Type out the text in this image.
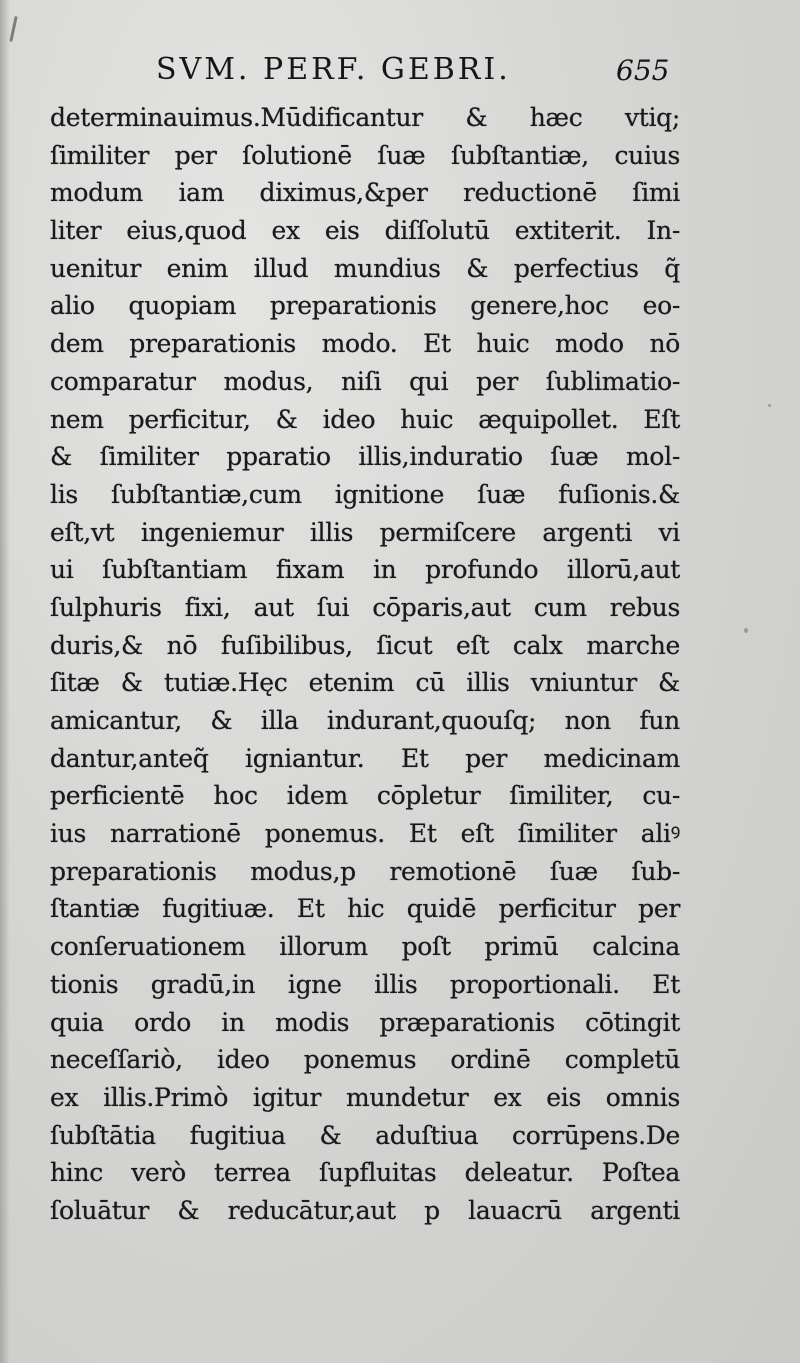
SVM. PERF. GEBRI.	655
determinauimus.Mūdificantur & hæc vtiq;
ſimiliter per ſolutionē ſuæ ſubſtantiæ, cuius
modum iam diximus,&per reductionē ſimi
liter eius,quod ex eis diſſolutū extiterit. In-
uenitur enim illud mundius & perfectius q̃
alio quopiam preparationis genere,hoc eo-
dem preparationis modo. Et huic modo nō
comparatur modus, niſi qui per ſublimatio-
nem perficitur, & ideo huic æquipollet. Eſt
& ſimiliter pparatio illis,induratio ſuæ mol-
lis ſubſtantiæ,cum ignitione ſuæ fuſionis.&
eſt,vt ingeniemur illis permiſcere argenti vi
ui ſubſtantiam fixam in profundo illorū,aut
ſulphuris fixi, aut ſui cōparis,aut cum rebus
duris,& nō fuſibilibus, ſicut eſt calx marche
ſitæ & tutiæ.Hęc etenim cū illis vniuntur &
amicantur, & illa indurant,quouſq; non fun
dantur,anteq̃ igniantur. Et per medicinam
perficientē hoc idem cōpletur ſimiliter, cu-
ius narrationē ponemus. Et eſt ſimiliter aliꝰ
preparationis modus,p remotionē ſuæ ſub-
ſtantiæ fugitiuæ. Et hic quidē perficitur per
conſeruationem illorum poſt primū calcina
tionis gradū,in igne illis proportionali. Et
quia ordo in modis præparationis cōtingit
neceſſariò, ideo ponemus ordinē completū
ex illis.Primò igitur mundetur ex eis omnis
ſubſtātia fugitiua & aduſtiua corrūpens.De
hinc verò terrea ſupfluitas deleatur. Poſtea
ſoluātur & reducātur,aut p lauacrū argenti
